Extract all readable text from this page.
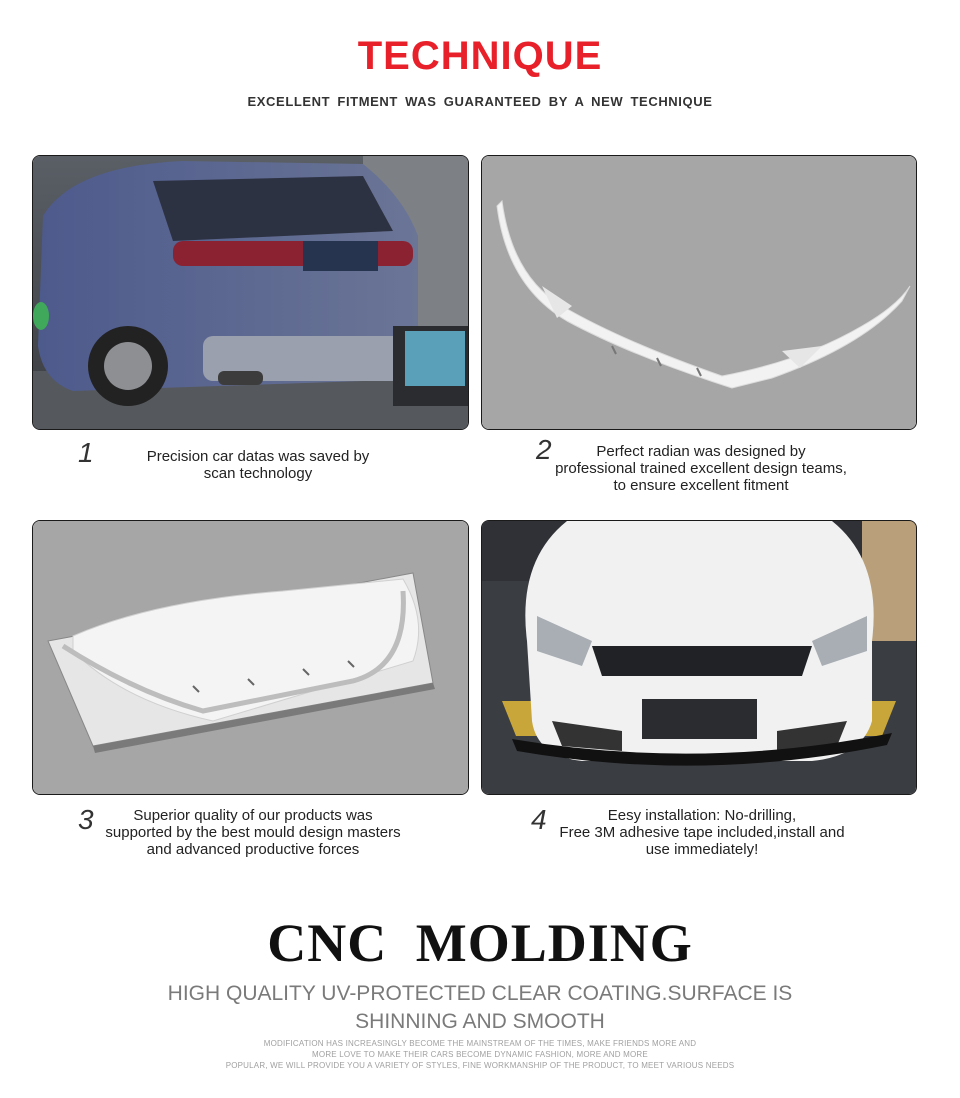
TECHNIQUE
EXCELLENT FITMENT WAS GUARANTEED BY A NEW TECHNIQUE
1	Precision car datas was saved by
scan technology
2	Perfect radian was designed by
professional trained excellent design teams,
to ensure excellent fitment
3	Superior quality of our products was
supported by the best mould design masters
and advanced productive forces
4	Eesy installation: No-drilling,
Free 3M adhesive tape included,install and
use immediately!
CNC MOLDING
HIGH QUALITY UV-PROTECTED CLEAR COATING.SURFACE IS
SHINNING AND SMOOTH
MODIFICATION HAS INCREASINGLY BECOME THE MAINSTREAM OF THE TIMES, MAKE FRIENDS MORE AND
MORE LOVE TO MAKE THEIR CARS BECOME DYNAMIC FASHION, MORE AND MORE
POPULAR, WE WILL PROVIDE YOU A VARIETY OF STYLES, FINE WORKMANSHIP OF THE PRODUCT, TO MEET VARIOUS NEEDS
